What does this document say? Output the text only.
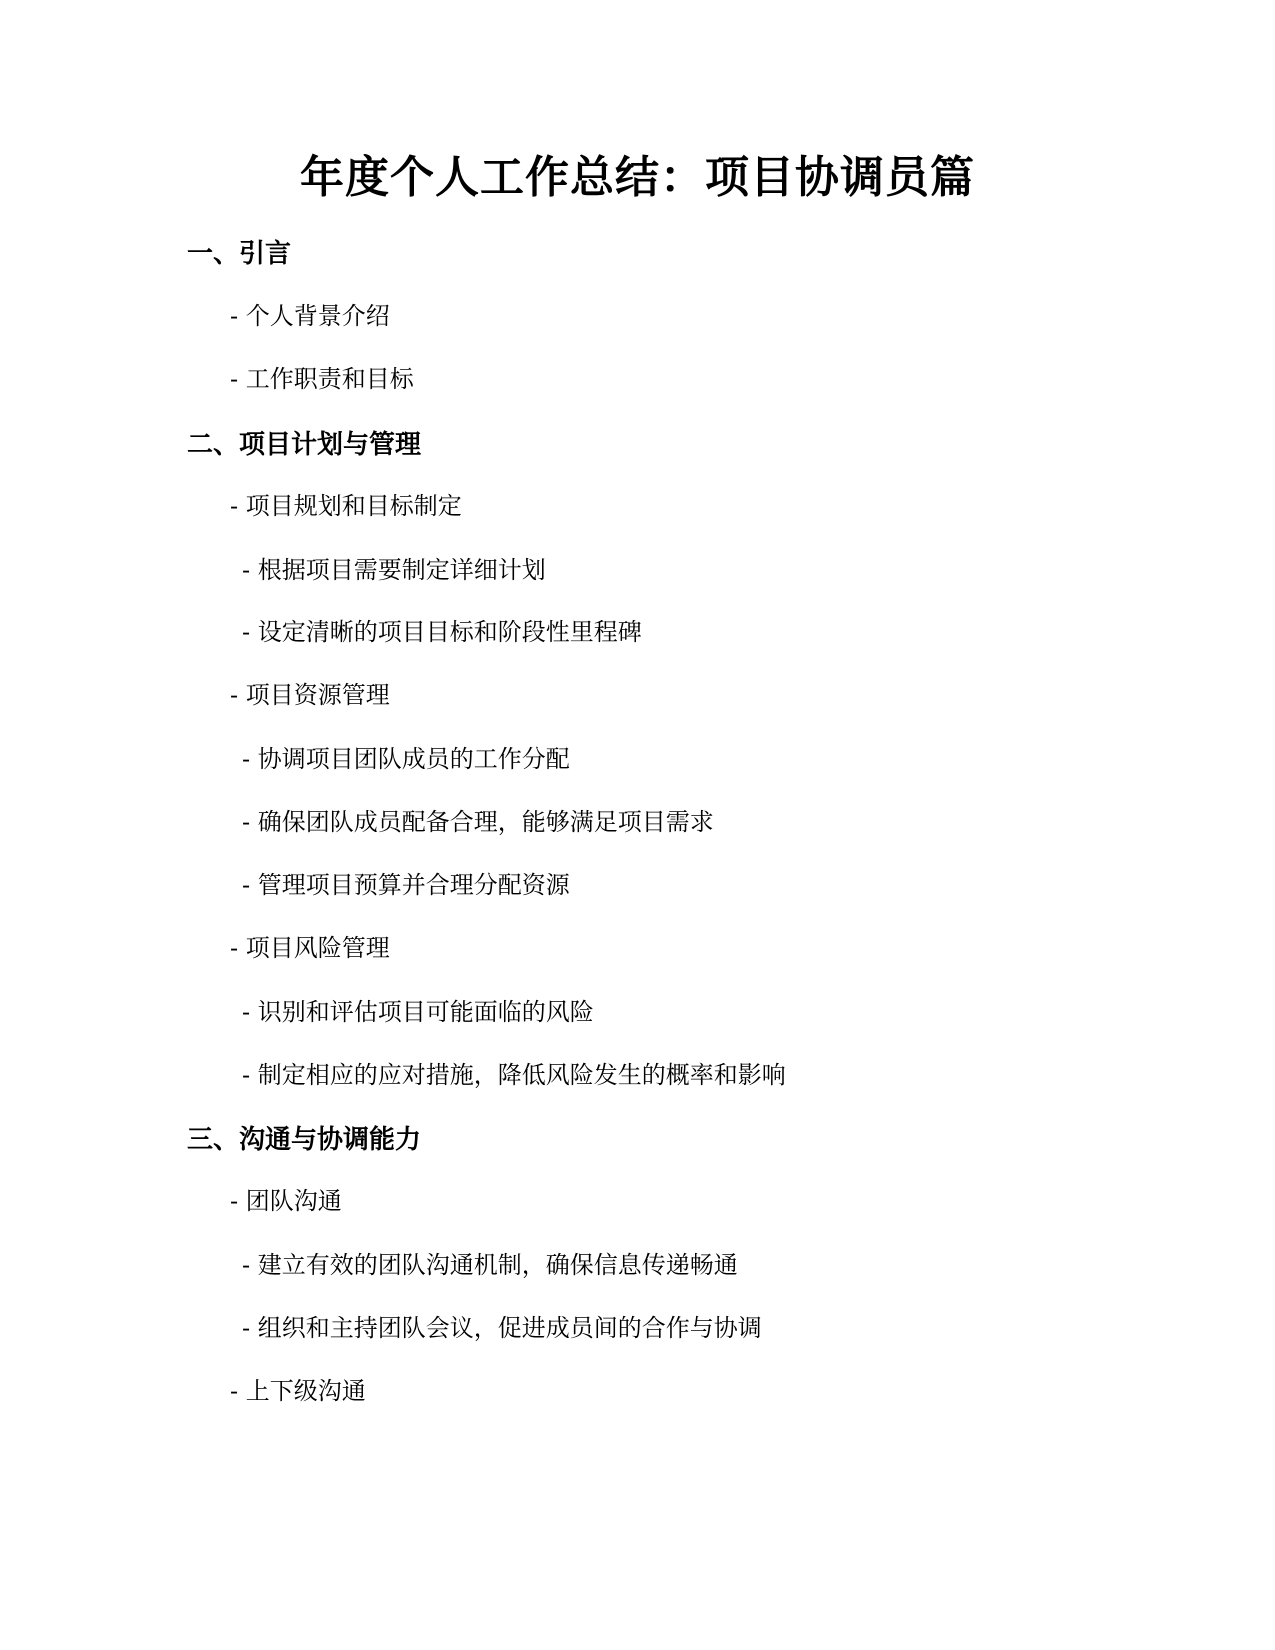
年度个人工作总结：项目协调员篇
一、引言

- 个人背景介绍

- 工作职责和目标

二、项目计划与管理

- 项目规划和目标制定

- 根据项目需要制定详细计划

- 设定清晰的项目目标和阶段性里程碑

- 项目资源管理

- 协调项目团队成员的工作分配

- 确保团队成员配备合理，能够满足项目需求

- 管理项目预算并合理分配资源

- 项目风险管理

- 识别和评估项目可能面临的风险

- 制定相应的应对措施，降低风险发生的概率和影响

三、沟通与协调能力

- 团队沟通

- 建立有效的团队沟通机制，确保信息传递畅通

- 组织和主持团队会议，促进成员间的合作与协调

- 上下级沟通
